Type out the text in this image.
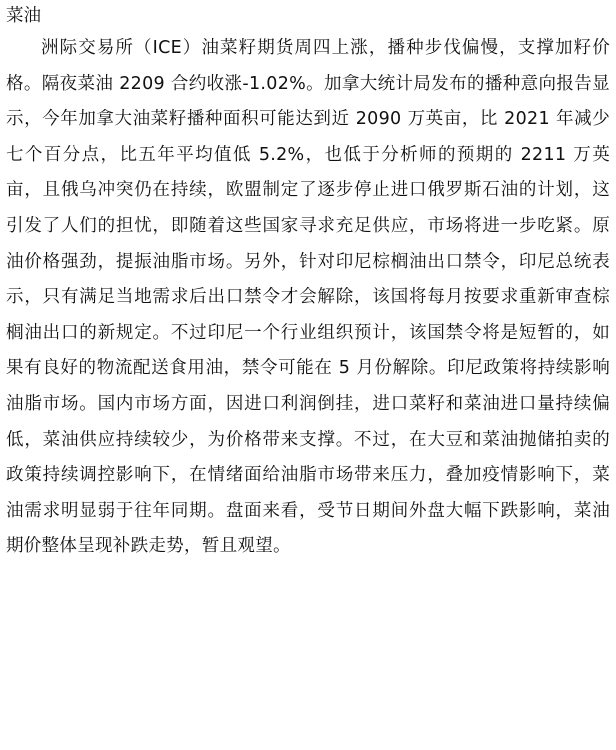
菜油

洲际交易所（ICE）油菜籽期货周四上涨，播种步伐偏慢，支撑加籽价格。隔夜菜油 2209 合约收涨-1.02%。加拿大统计局发布的播种意向报告显示，今年加拿大油菜籽播种面积可能达到近 2090 万英亩，比 2021 年减少七个百分点，比五年平均值低 5.2%，也低于分析师的预期的 2211 万英亩，且俄乌冲突仍在持续，欧盟制定了逐步停止进口俄罗斯石油的计划，这引发了人们的担忧，即随着这些国家寻求充足供应，市场将进一步吃紧。原油价格强劲，提振油脂市场。另外，针对印尼棕榈油出口禁令，印尼总统表示，只有满足当地需求后出口禁令才会解除，该国将每月按要求重新审查棕榈油出口的新规定。不过印尼一个行业组织预计，该国禁令将是短暂的，如果有良好的物流配送食用油，禁令可能在 5 月份解除。印尼政策将持续影响油脂市场。国内市场方面，因进口利润倒挂，进口菜籽和菜油进口量持续偏低，菜油供应持续较少，为价格带来支撑。不过，在大豆和菜油抛储拍卖的政策持续调控影响下，在情绪面给油脂市场带来压力，叠加疫情影响下，菜油需求明显弱于往年同期。盘面来看，受节日期间外盘大幅下跌影响，菜油期价整体呈现补跌走势，暂且观望。
